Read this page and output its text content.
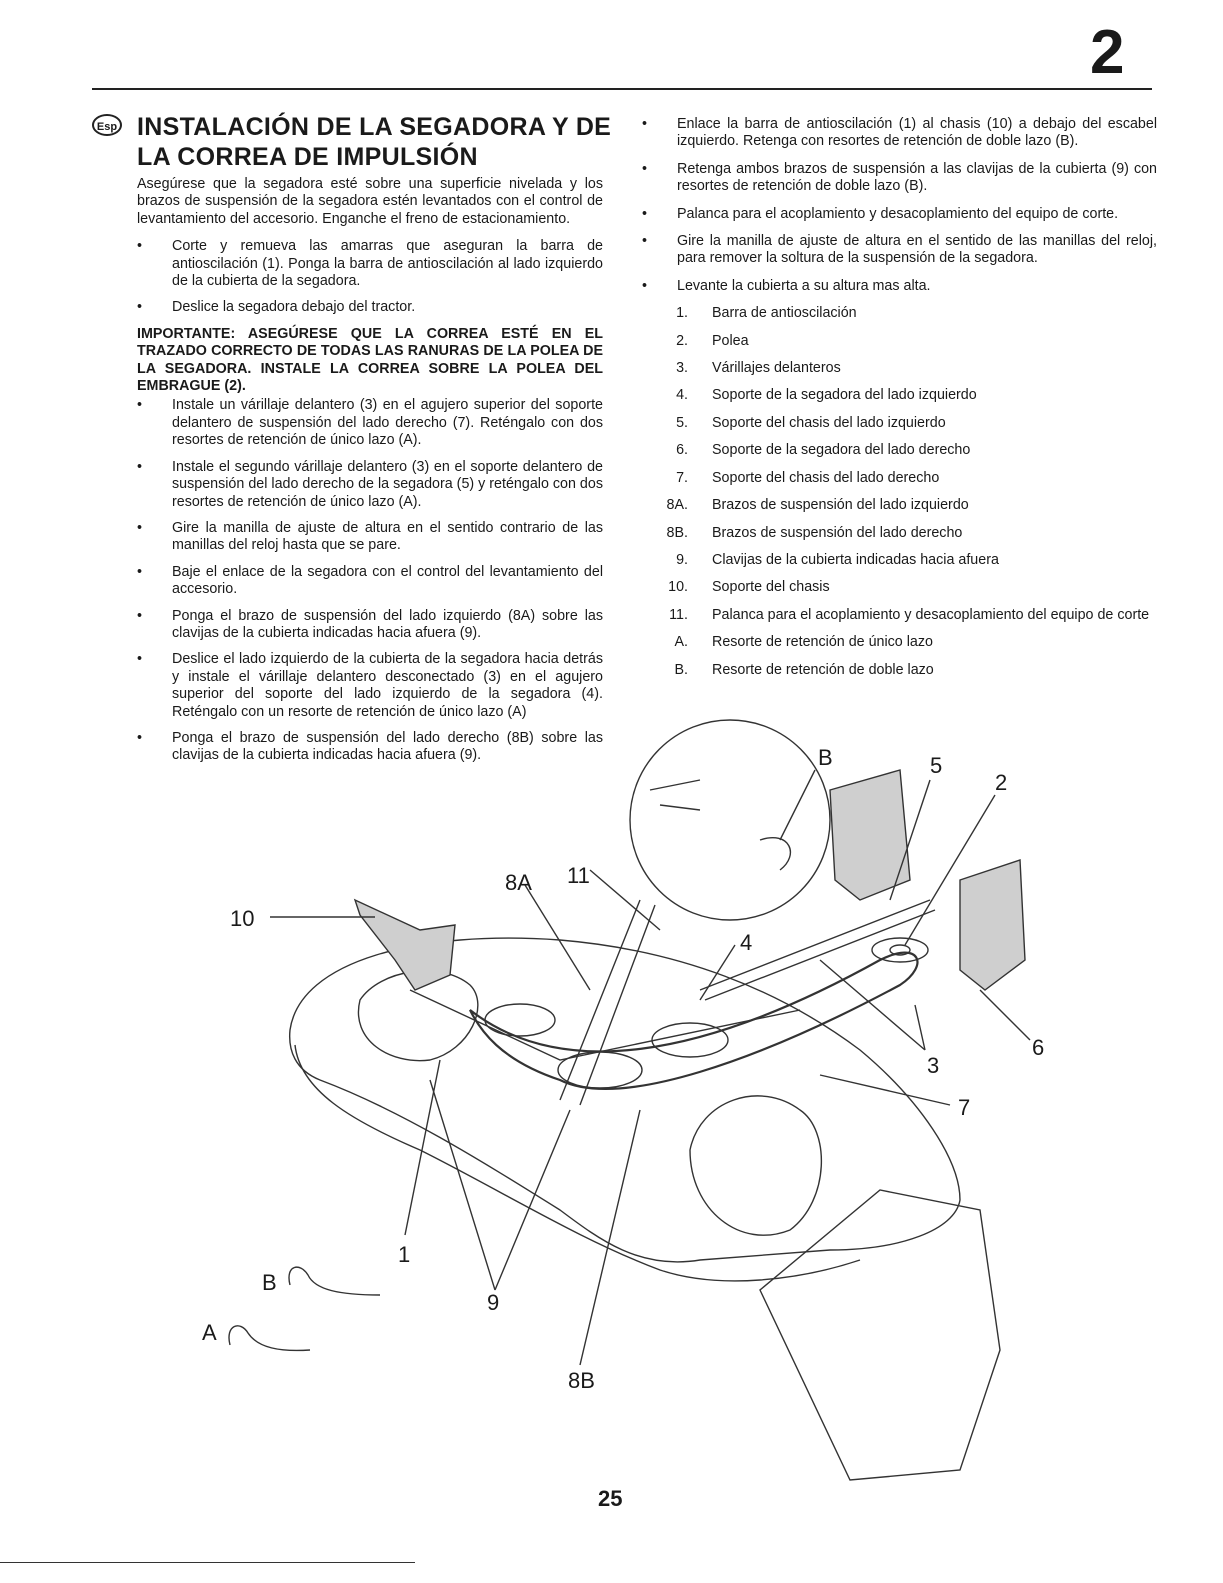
2
Esp INSTALACIÓN DE LA SEGADORA Y DE LA CORREA DE IMPULSIÓN

Asegúrese que la segadora esté sobre una superficie nivelada y los brazos de suspensión de la segadora estén levantados con el control de levantamiento del accesorio. Enganche el freno de estacionamiento.

• Corte y remueva las amarras que aseguran la barra de antioscilación (1). Ponga la barra de antioscilación al lado izquierdo de la cubierta de la segadora.
• Deslice la segadora debajo del tractor.

IMPORTANTE: ASEGÚRESE QUE LA CORREA ESTÉ EN EL TRAZADO CORRECTO DE TODAS LAS RANURAS DE LA POLEA DE LA SEGADORA. INSTALE LA CORREA SOBRE LA POLEA DEL EMBRAGUE (2).

• Instale un várillaje delantero (3) en el agujero superior del soporte delantero de suspensión del lado derecho (7). Reténgalo con dos resortes de retención de único lazo (A).
• Instale el segundo várillaje delantero (3) en el soporte delantero de suspensión del lado derecho de la segadora (5) y reténgalo con dos resortes de retención de único lazo (A).
• Gire la manilla de ajuste de altura en el sentido contrario de las manillas del reloj hasta que se pare.
• Baje el enlace de la segadora con el control del levantamiento del accesorio.
• Ponga el brazo de suspensión del lado izquierdo (8A) sobre las clavijas de la cubierta indicadas hacia afuera (9).
• Deslice el lado izquierdo de la cubierta de la segadora hacia detrás y instale el várillaje delantero desconectado (3) en el agujero superior del soporte del lado izquierdo de la segadora (4). Reténgalo con un resorte de retención de único lazo (A)
• Ponga el brazo de suspensión del lado derecho (8B) sobre las clavijas de la cubierta indicadas hacia afuera (9).
• Enlace la barra de antioscilación (1) al chasis (10) a debajo del escabel izquierdo. Retenga con resortes de retención de doble lazo (B).
• Retenga ambos brazos de suspensión a las clavijas de la cubierta (9) con resortes de retención de doble lazo (B).
• Palanca para el acoplamiento y desacoplamiento del equipo de corte.
• Gire la manilla de ajuste de altura en el sentido de las manillas del reloj, para remover la soltura de la suspensión de la segadora.
• Levante la cubierta a su altura mas alta.
1. Barra de antioscilación
2. Polea
3. Várillajes delanteros
4. Soporte de la segadora del lado izquierdo
5. Soporte del chasis del lado izquierdo
6. Soporte de la segadora del lado derecho
7. Soporte del chasis del lado derecho
8A. Brazos de suspensión del lado izquierdo
8B. Brazos de suspensión del lado derecho
9. Clavijas de la cubierta indicadas hacia afuera
10. Soporte del chasis
11. Palanca para el acoplamiento y desacoplamiento del equipo de corte
A. Resorte de retención de único lazo
B. Resorte de retención de doble lazo
B	5
2
8A 11
10
4
3
6
7
1
9
8B
B
A
25
